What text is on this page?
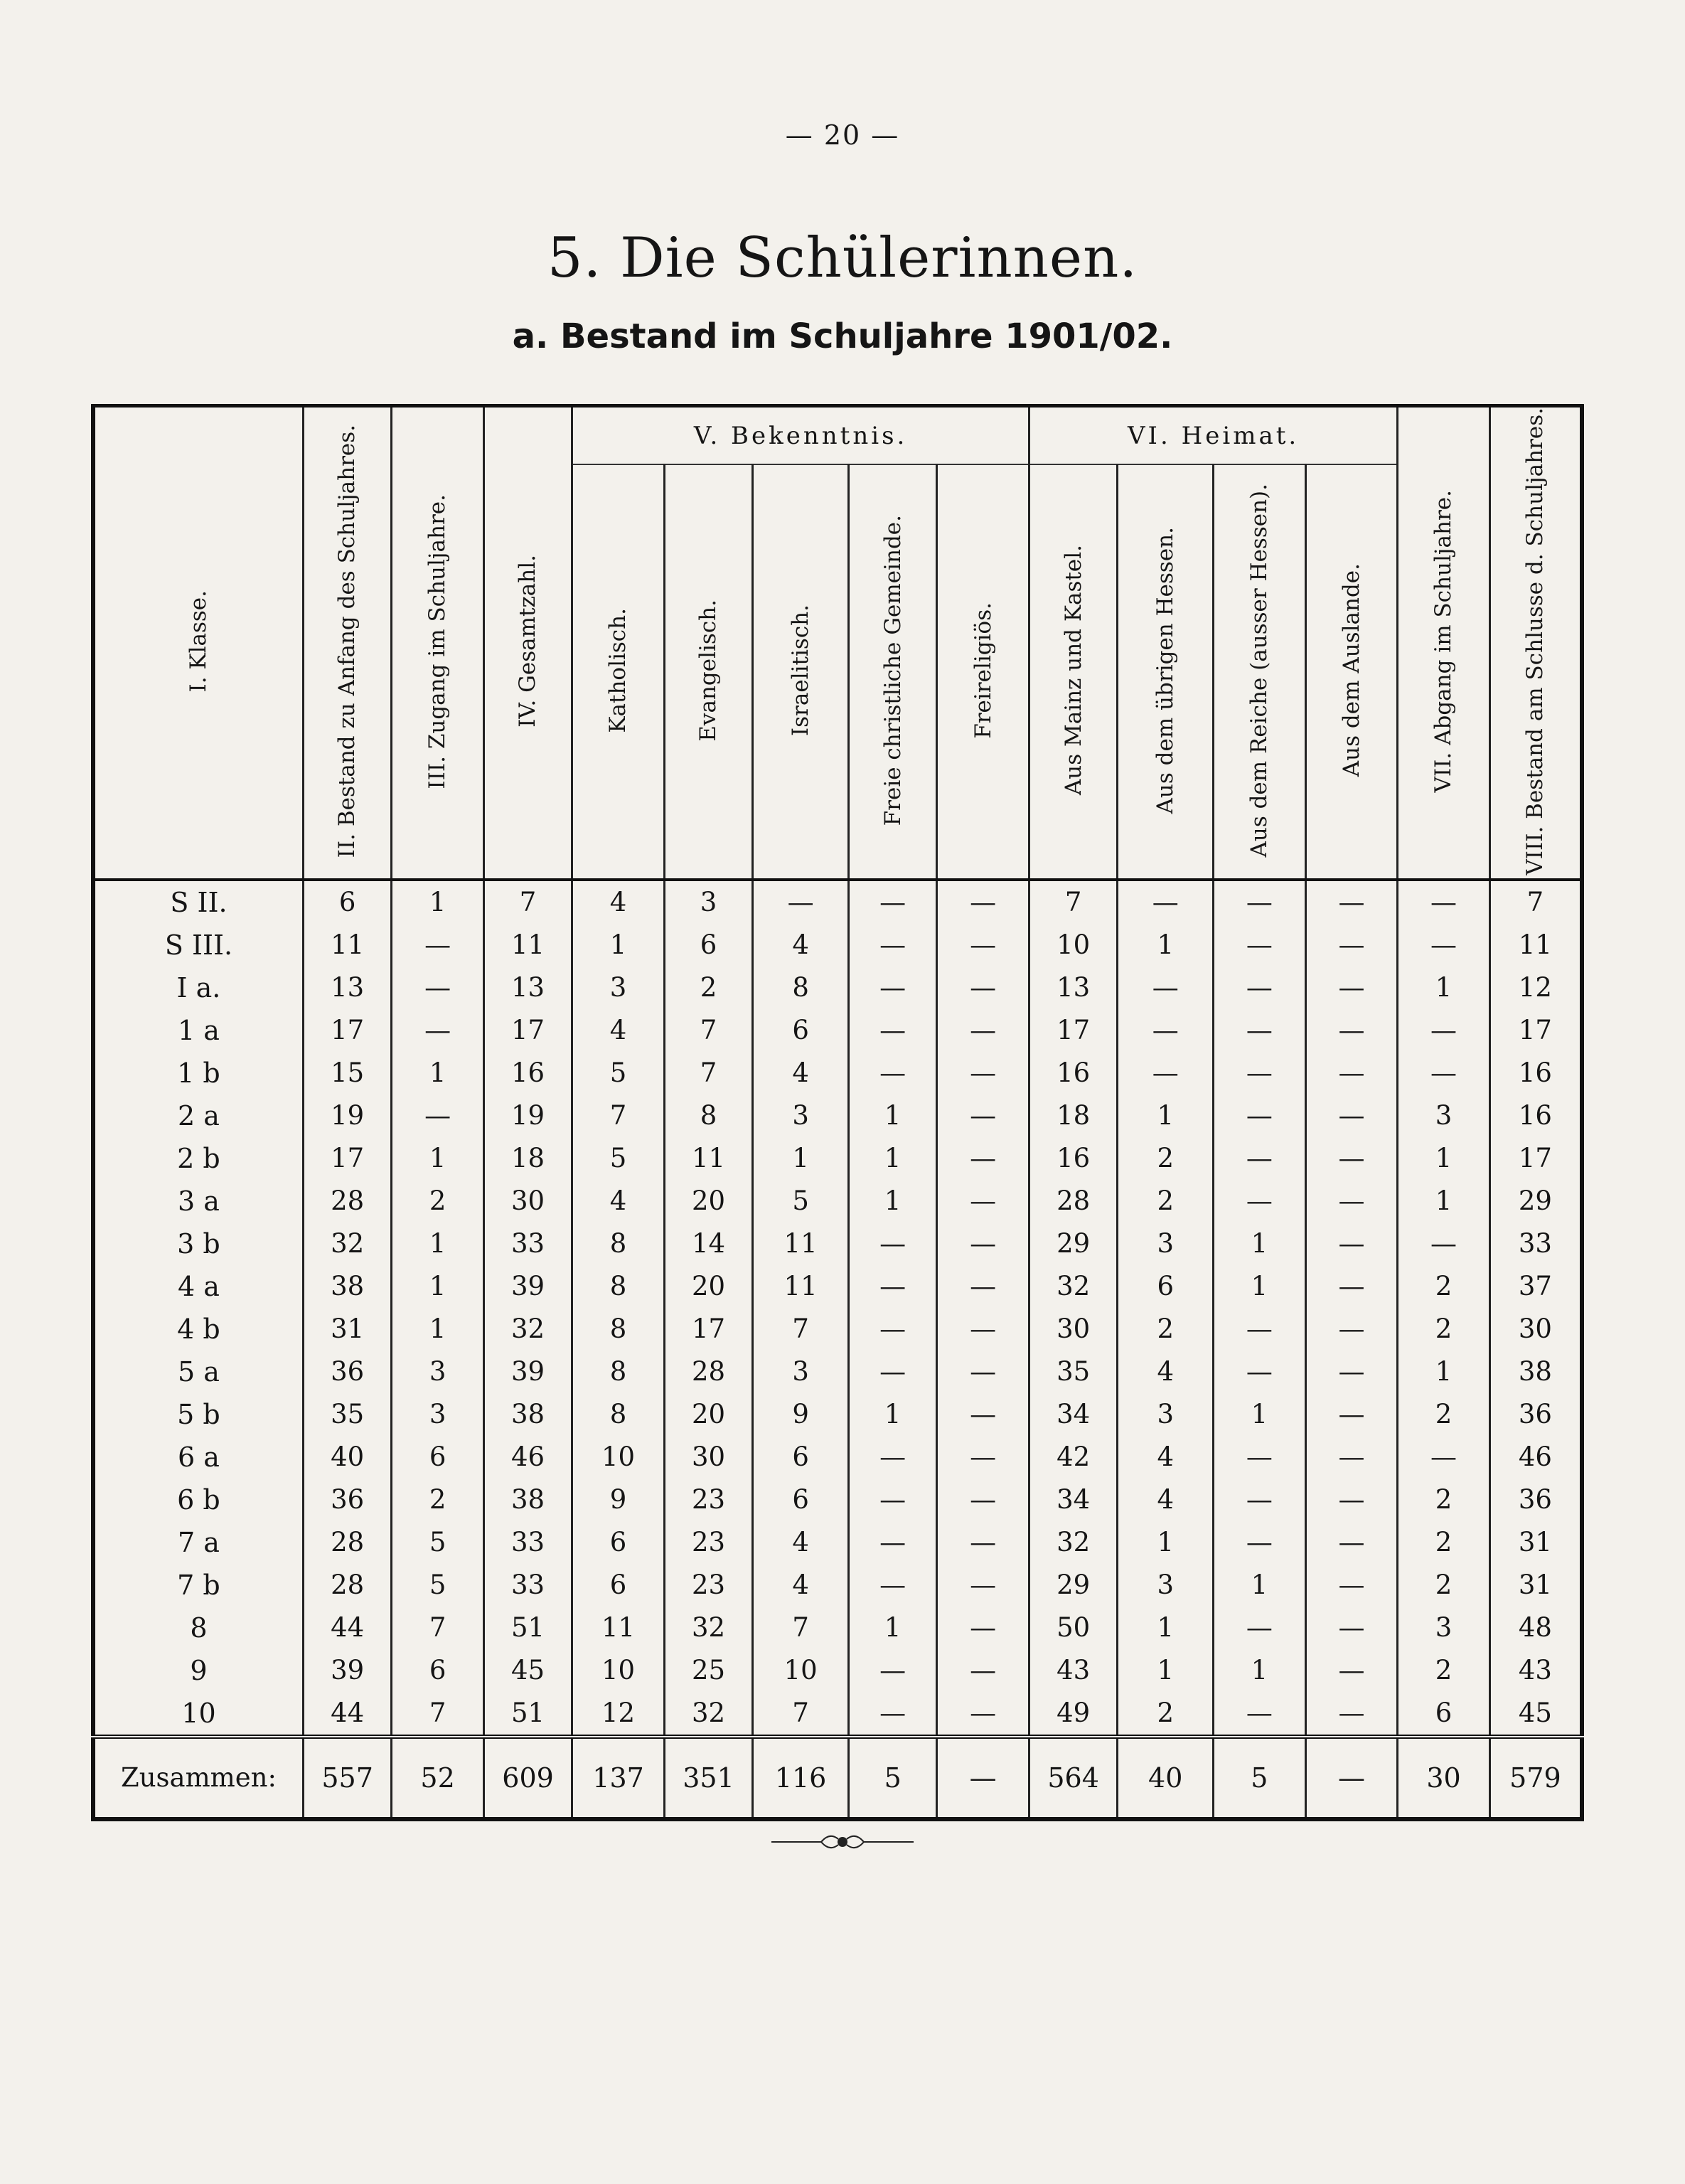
— 20 —
5. Die Schülerinnen.
a. Bestand im Schuljahre 1901/02.
I. Klasse.	II. Bestand zu Anfang des Schuljahres.	III. Zugang im Schuljahre.	IV. Gesamtzahl.	V. Bekenntnis.					VI. Heimat.				VII. Abgang im Schuljahre.	VIII. Bestand am Schlusse d. Schuljahres.
				Katholisch.	Evangelisch.	Israelitisch.	Freie christliche Gemeinde.	Freireligiös.	Aus Mainz und Kastel.	Aus dem übrigen Hessen.	Aus dem Reiche (ausser Hessen).	Aus dem Auslande.		
S II.	6	1	7	4	3	—	—	—	7	—	—	—	—	7
S III.	11	—	11	1	6	4	—	—	10	1	—	—	—	11
I a.	13	—	13	3	2	8	—	—	13	—	—	—	1	12
1 a	17	—	17	4	7	6	—	—	17	—	—	—	—	17
1 b	15	1	16	5	7	4	—	—	16	—	—	—	—	16
2 a	19	—	19	7	8	3	1	—	18	1	—	—	3	16
2 b	17	1	18	5	11	1	1	—	16	2	—	—	1	17
3 a	28	2	30	4	20	5	1	—	28	2	—	—	1	29
3 b	32	1	33	8	14	11	—	—	29	3	1	—	—	33
4 a	38	1	39	8	20	11	—	—	32	6	1	—	2	37
4 b	31	1	32	8	17	7	—	—	30	2	—	—	2	30
5 a	36	3	39	8	28	3	—	—	35	4	—	—	1	38
5 b	35	3	38	8	20	9	1	—	34	3	1	—	2	36
6 a	40	6	46	10	30	6	—	—	42	4	—	—	—	46
6 b	36	2	38	9	23	6	—	—	34	4	—	—	2	36
7 a	28	5	33	6	23	4	—	—	32	1	—	—	2	31
7 b	28	5	33	6	23	4	—	—	29	3	1	—	2	31
8	44	7	51	11	32	7	1	—	50	1	—	—	3	48
9	39	6	45	10	25	10	—	—	43	1	1	—	2	43
10	44	7	51	12	32	7	—	—	49	2	—	—	6	45
Zusammen:	557	52	609	137	351	116	5	—	564	40	5	—	30	579
